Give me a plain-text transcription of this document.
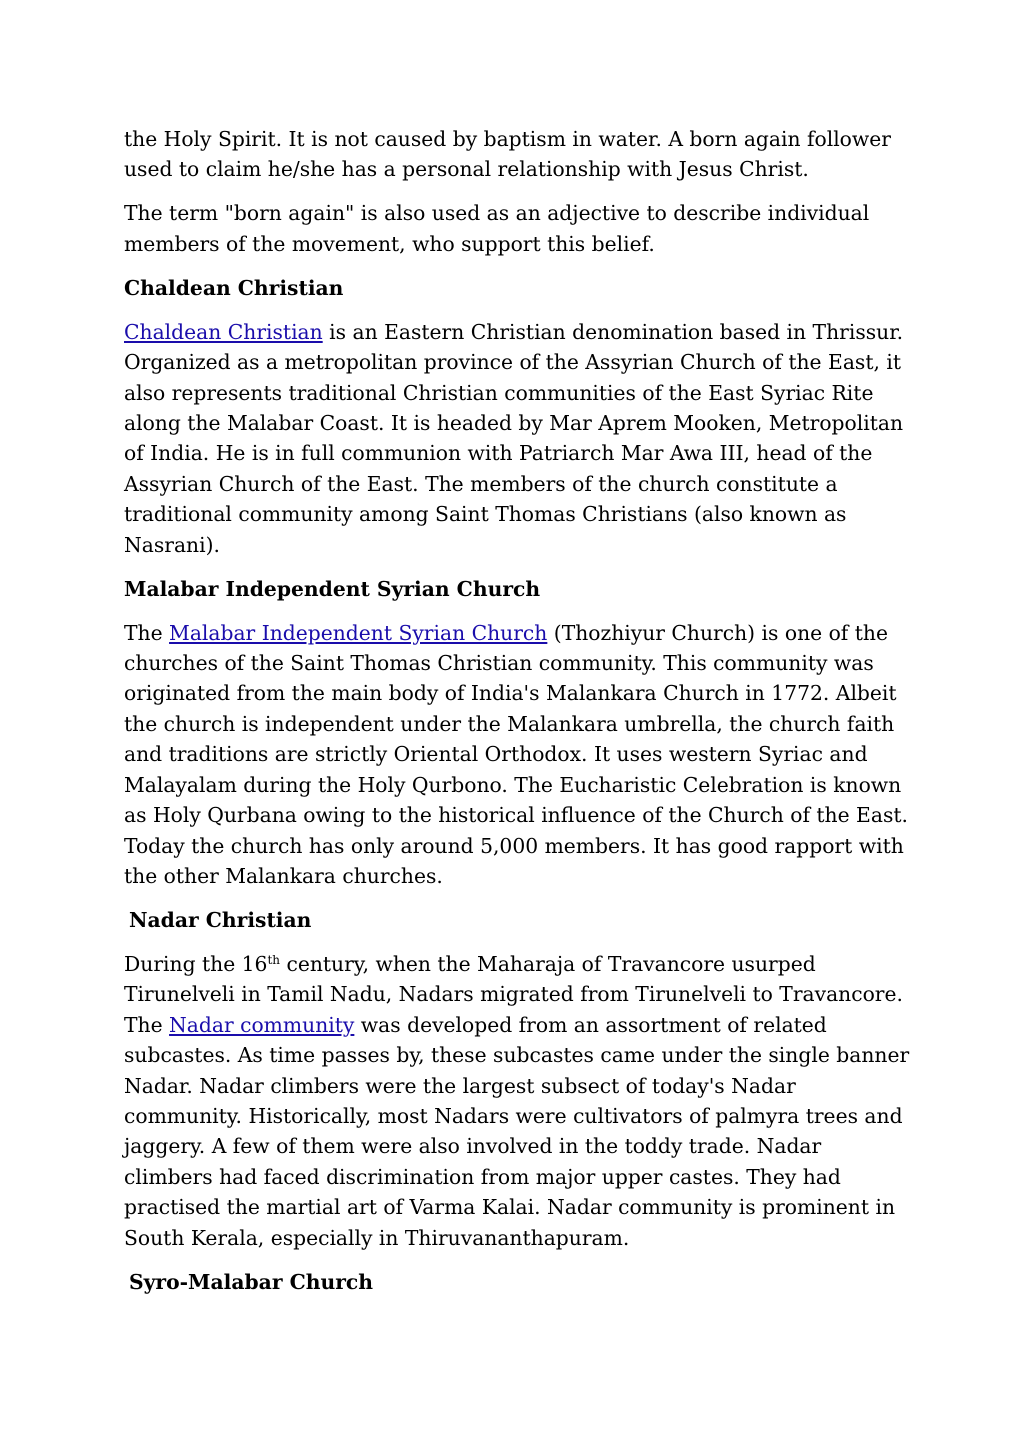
the Holy Spirit. It is not caused by baptism in water. A born again follower used to claim he/she has a personal relationship with Jesus Christ.

The term "born again" is also used as an adjective to describe individual members of the movement, who support this belief.

Chaldean Christian

Chaldean Christian is an Eastern Christian denomination based in Thrissur. Organized as a metropolitan province of the Assyrian Church of the East, it also represents traditional Christian communities of the East Syriac Rite along the Malabar Coast. It is headed by Mar Aprem Mooken, Metropolitan of India. He is in full communion with Patriarch Mar Awa III, head of the Assyrian Church of the East. The members of the church constitute a traditional community among Saint Thomas Christians (also known as Nasrani).

Malabar Independent Syrian Church

The Malabar Independent Syrian Church (Thozhiyur Church) is one of the churches of the Saint Thomas Christian community. This community was originated from the main body of India's Malankara Church in 1772. Albeit the church is independent under the Malankara umbrella, the church faith and traditions are strictly Oriental Orthodox. It uses western Syriac and Malayalam during the Holy Qurbono. The Eucharistic Celebration is known as Holy Qurbana owing to the historical influence of the Church of the East. Today the church has only around 5,000 members. It has good rapport with the other Malankara churches.

Nadar Christian

During the 16th century, when the Maharaja of Travancore usurped Tirunelveli in Tamil Nadu, Nadars migrated from Tirunelveli to Travancore. The Nadar community was developed from an assortment of related subcastes. As time passes by, these subcastes came under the single banner Nadar. Nadar climbers were the largest subsect of today's Nadar community. Historically, most Nadars were cultivators of palmyra trees and jaggery. A few of them were also involved in the toddy trade. Nadar climbers had faced discrimination from major upper castes. They had practised the martial art of Varma Kalai. Nadar community is prominent in South Kerala, especially in Thiruvananthapuram.

Syro-Malabar Church
